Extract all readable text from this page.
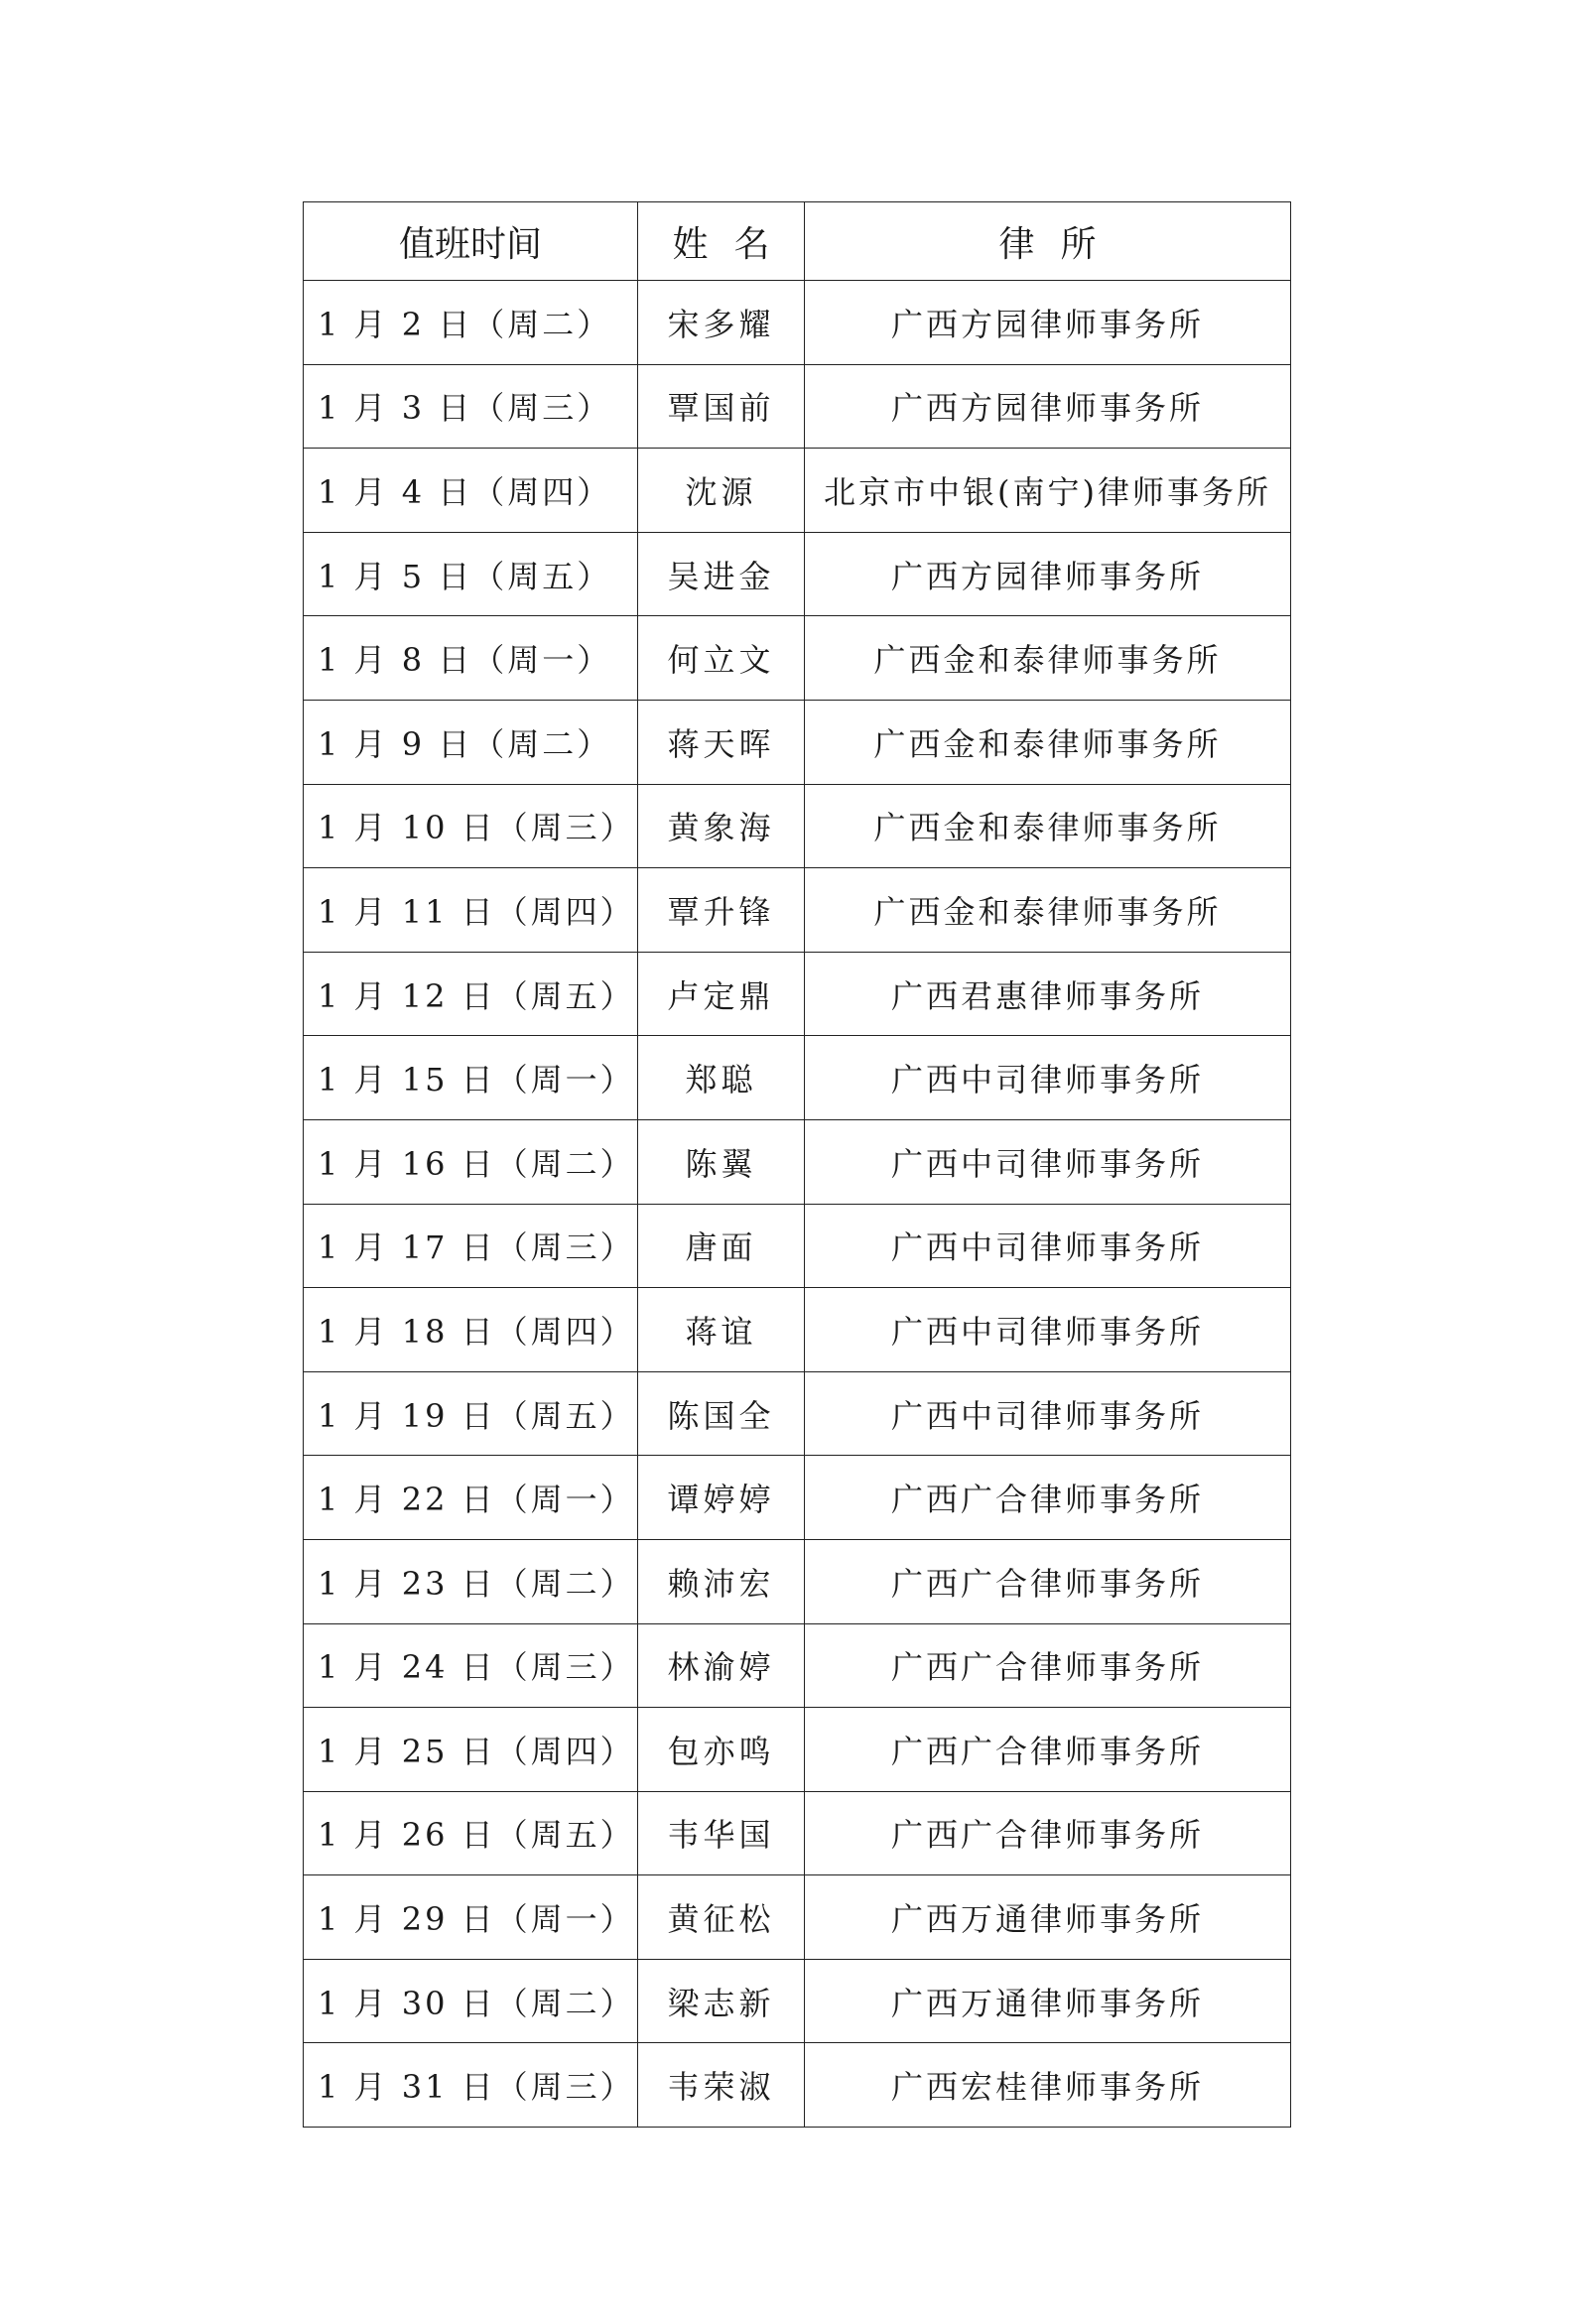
值班时间	姓名	律所
1 月 2 日（周二）	宋多耀	广西方园律师事务所
1 月 3 日（周三）	覃国前	广西方园律师事务所
1 月 4 日（周四）	沈源	北京市中银(南宁)律师事务所
1 月 5 日（周五）	吴进金	广西方园律师事务所
1 月 8 日（周一）	何立文	广西金和泰律师事务所
1 月 9 日（周二）	蒋天晖	广西金和泰律师事务所
1 月 10 日（周三）	黄象海	广西金和泰律师事务所
1 月 11 日（周四）	覃升锋	广西金和泰律师事务所
1 月 12 日（周五）	卢定鼎	广西君惠律师事务所
1 月 15 日（周一）	郑聪	广西中司律师事务所
1 月 16 日（周二）	陈翼	广西中司律师事务所
1 月 17 日（周三）	唐面	广西中司律师事务所
1 月 18 日（周四）	蒋谊	广西中司律师事务所
1 月 19 日（周五）	陈国全	广西中司律师事务所
1 月 22 日（周一）	谭婷婷	广西广合律师事务所
1 月 23 日（周二）	赖沛宏	广西广合律师事务所
1 月 24 日（周三）	林渝婷	广西广合律师事务所
1 月 25 日（周四）	包亦鸣	广西广合律师事务所
1 月 26 日（周五）	韦华国	广西广合律师事务所
1 月 29 日（周一）	黄征松	广西万通律师事务所
1 月 30 日（周二）	梁志新	广西万通律师事务所
1 月 31 日（周三）	韦荣淑	广西宏桂律师事务所
